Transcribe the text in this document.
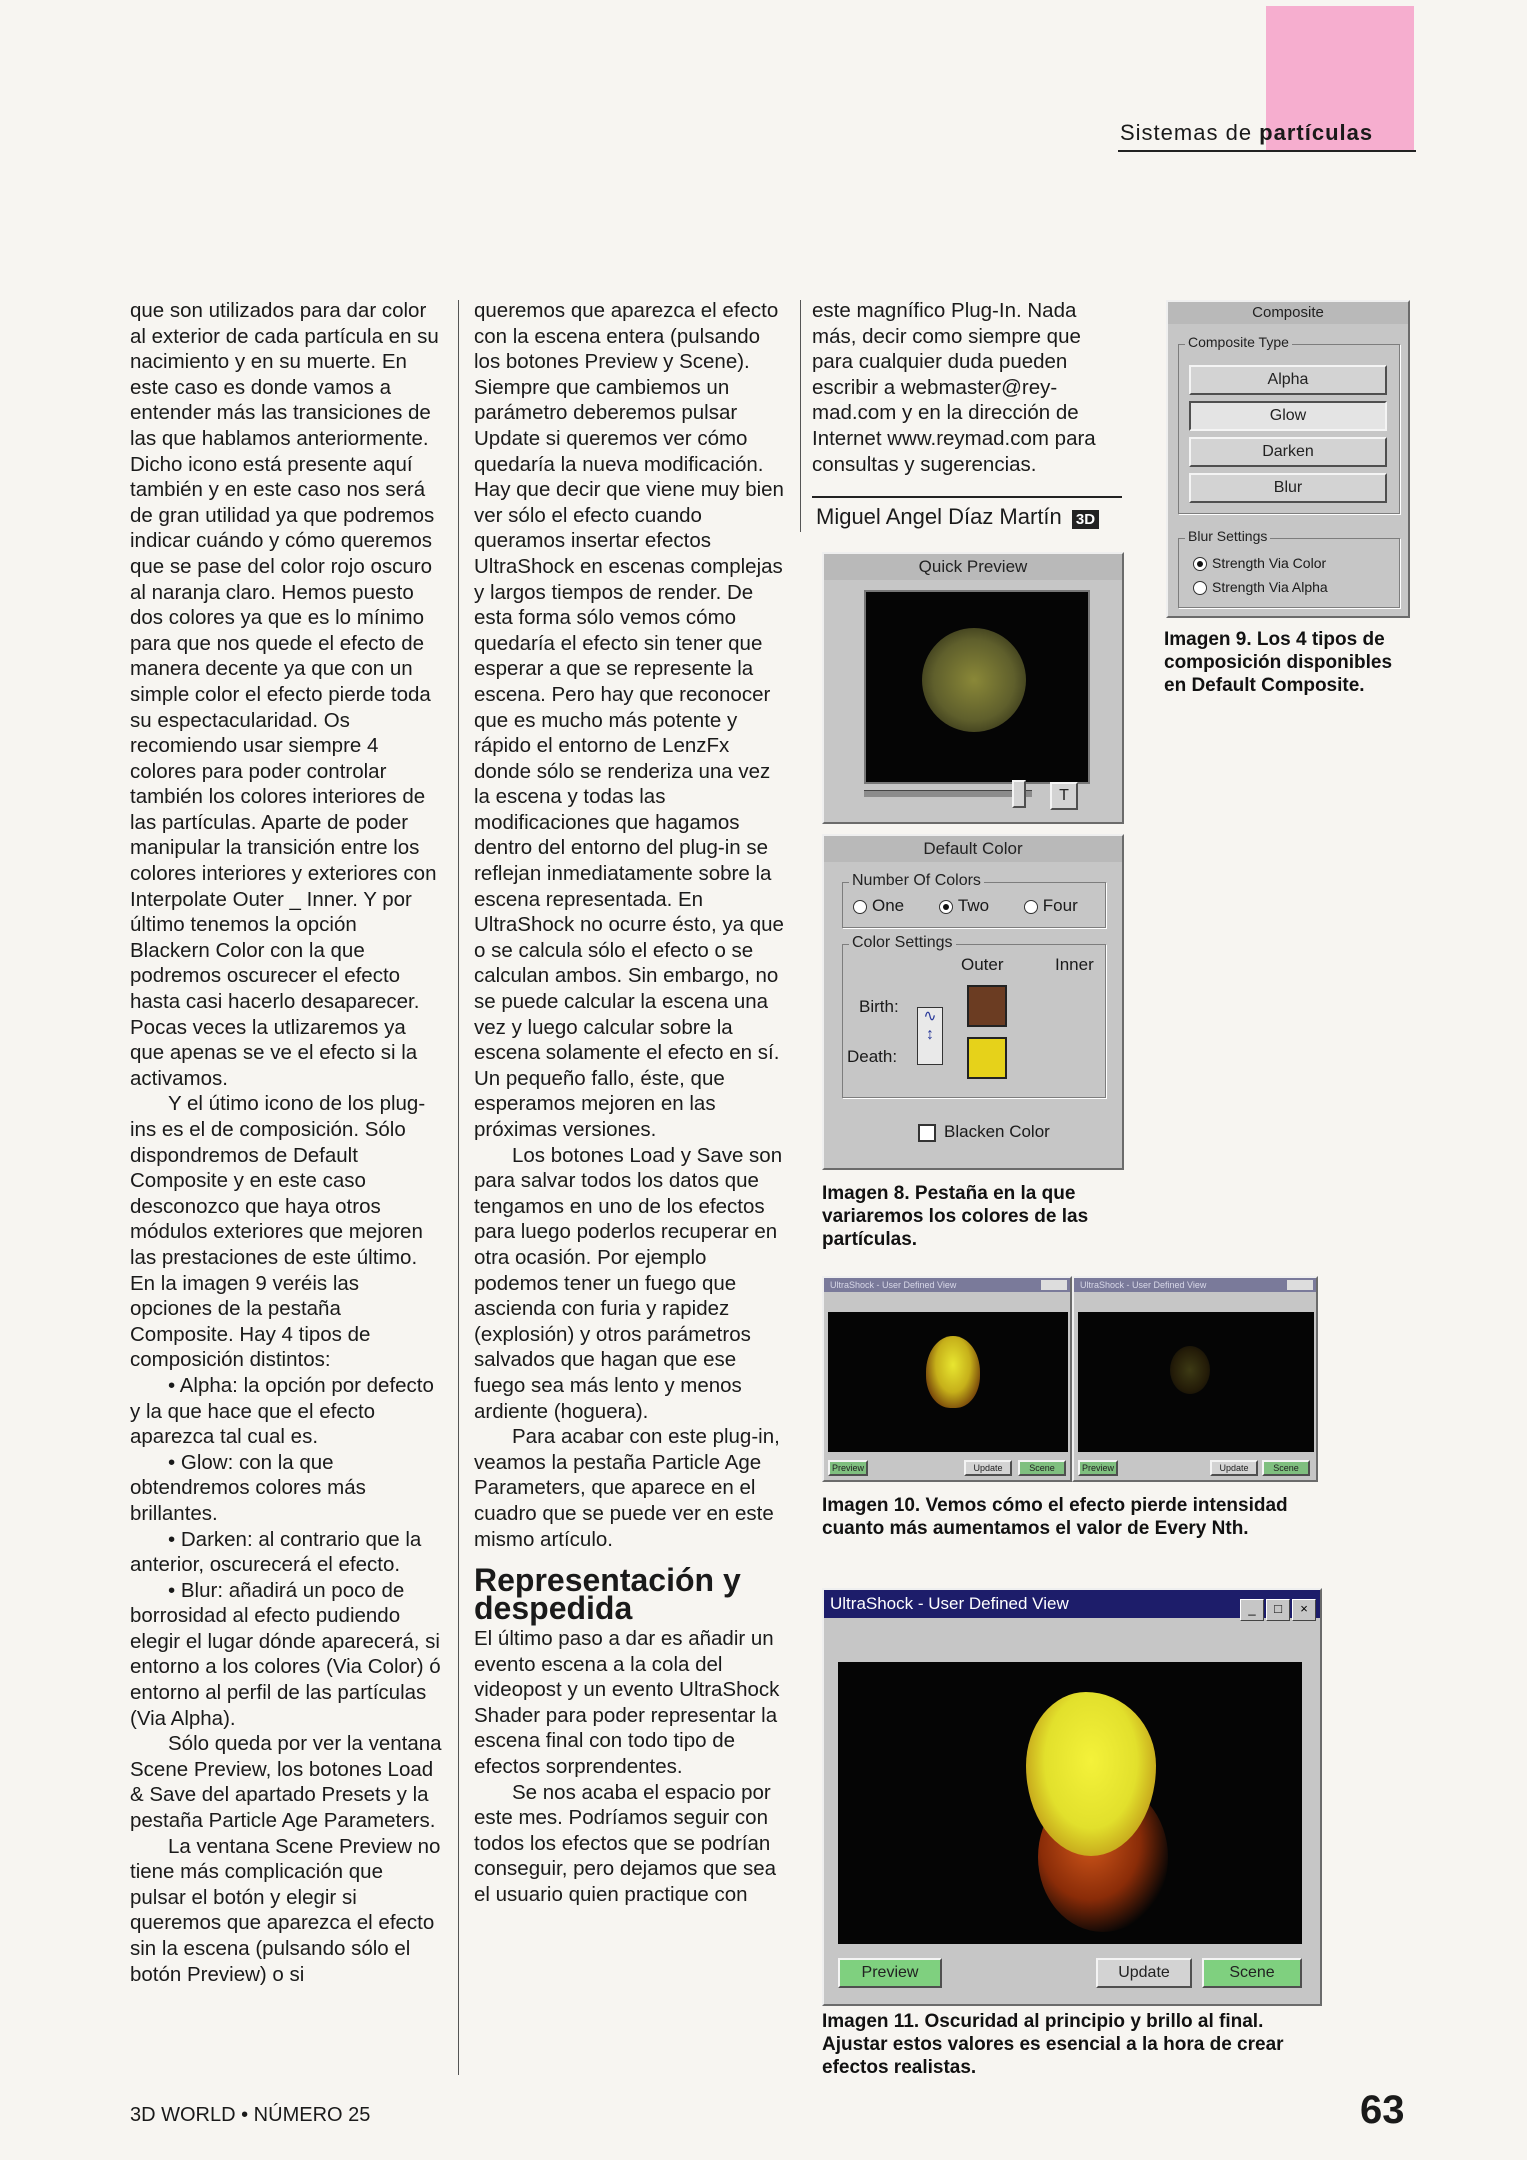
Sistemas de partículas

que son utilizados para dar color al exterior de cada partícula en su nacimiento y en su muerte. En este caso es donde vamos a entender más las transiciones de las que hablamos anteriormente. Dicho icono está presente aquí también y en este caso nos será de gran utilidad ya que podremos indicar cuándo y cómo queremos que se pase del color rojo oscuro al naranja claro. Hemos puesto dos colores ya que es lo mínimo para que nos quede el efecto de manera decente ya que con un simple color el efecto pierde toda su espectacularidad. Os recomiendo usar siempre 4 colores para poder controlar también los colores interiores de las partículas. Aparte de poder manipular la transición entre los colores interiores y exteriores con Interpolate Outer _ Inner. Y por último tenemos la opción Blackern Color con la que podremos oscurecer el efecto hasta casi hacerlo desaparecer. Pocas veces la utlizaremos ya que apenas se ve el efecto si la activamos.

Y el útimo icono de los plug-ins es el de composición. Sólo dispondremos de Default Composite y en este caso desconozco que haya otros módulos exteriores que mejoren las prestaciones de este último. En la imagen 9 veréis las opciones de la pestaña Composite. Hay 4 tipos de composición distintos:

• Alpha: la opción por defecto y la que hace que el efecto aparezca tal cual es.

• Glow: con la que obtendremos colores más brillantes.

• Darken: al contrario que la anterior, oscurecerá el efecto.

• Blur: añadirá un poco de borrosidad al efecto pudiendo elegir el lugar dónde aparecerá, si entorno a los colores (Via Color) ó entorno al perfil de las partículas (Via Alpha).

Sólo queda por ver la ventana Scene Preview, los botones Load & Save del apartado Presets y la pestaña Particle Age Parameters.

La ventana Scene Preview no tiene más complicación que pulsar el botón y elegir si queremos que aparezca el efecto sin la escena (pulsando sólo el botón Preview) o si

queremos que aparezca el efecto con la escena entera (pulsando los botones Preview y Scene). Siempre que cambiemos un parámetro deberemos pulsar Update si queremos ver cómo quedaría la nueva modificación. Hay que decir que viene muy bien ver sólo el efecto cuando queramos insertar efectos UltraShock en escenas complejas y largos tiempos de render. De esta forma sólo vemos cómo quedaría el efecto sin tener que esperar a que se represente la escena. Pero hay que reconocer que es mucho más potente y rápido el entorno de LenzFx donde sólo se renderiza una vez la escena y todas las modificaciones que hagamos dentro del entorno del plug-in se reflejan inmediatamente sobre la escena representada. En UltraShock no ocurre ésto, ya que o se calcula sólo el efecto o se calculan ambos. Sin embargo, no se puede calcular la escena una vez y luego calcular sobre la escena solamente el efecto en sí. Un pequeño fallo, éste, que esperamos mejoren en las próximas versiones.

Los botones Load y Save son para salvar todos los datos que tengamos en uno de los efectos para luego poderlos recuperar en otra ocasión. Por ejemplo podemos tener un fuego que ascienda con furia y rapidez (explosión) y otros parámetros salvados que hagan que ese fuego sea más lento y menos ardiente (hoguera).

Para acabar con este plug-in, veamos la pestaña Particle Age Parameters, que aparece en el cuadro que se puede ver en este mismo artículo.

Representación y despedida

El último paso a dar es añadir un evento escena a la cola del videopost y un evento UltraShock Shader para poder representar la escena final con todo tipo de efectos sorprendentes.

Se nos acaba el espacio por este mes. Podríamos seguir con todos los efectos que se podrían conseguir, pero dejamos que sea el usuario quien practique con

este magnífico Plug-In. Nada más, decir como siempre que para cualquier duda pueden escribir a webmaster@rey-mad.com y en la dirección de Internet www.reymad.com para consultas y sugerencias.

Miguel Angel Díaz Martín 3D
Quick Preview
T
Default Color
Number Of Colors
One	Two	Four
Color Settings
Outer	Inner
Birth:
Death:
∿
↕
Blacken Color
Composite
Composite Type
Alpha
Glow
Darken
Blur
Blur Settings
Strength Via Color
Strength Via Alpha
Imagen 9. Los 4 tipos de composición disponibles en Default Composite.
Imagen 8. Pestaña en la que variaremos los colores de las partículas.
UltraShock - User Defined View
Preview	Update	Scene
UltraShock - User Defined View
Preview	Update	Scene
Imagen 10. Vemos cómo el efecto pierde intensidad cuanto más aumentamos el valor de Every Nth.
UltraShock - User Defined View	_ □ ×
Preview	Update	Scene
Imagen 11. Oscuridad al principio y brillo al final. Ajustar estos valores es esencial a la hora de crear efectos realistas.
3D WORLD • NÚMERO 25	63
